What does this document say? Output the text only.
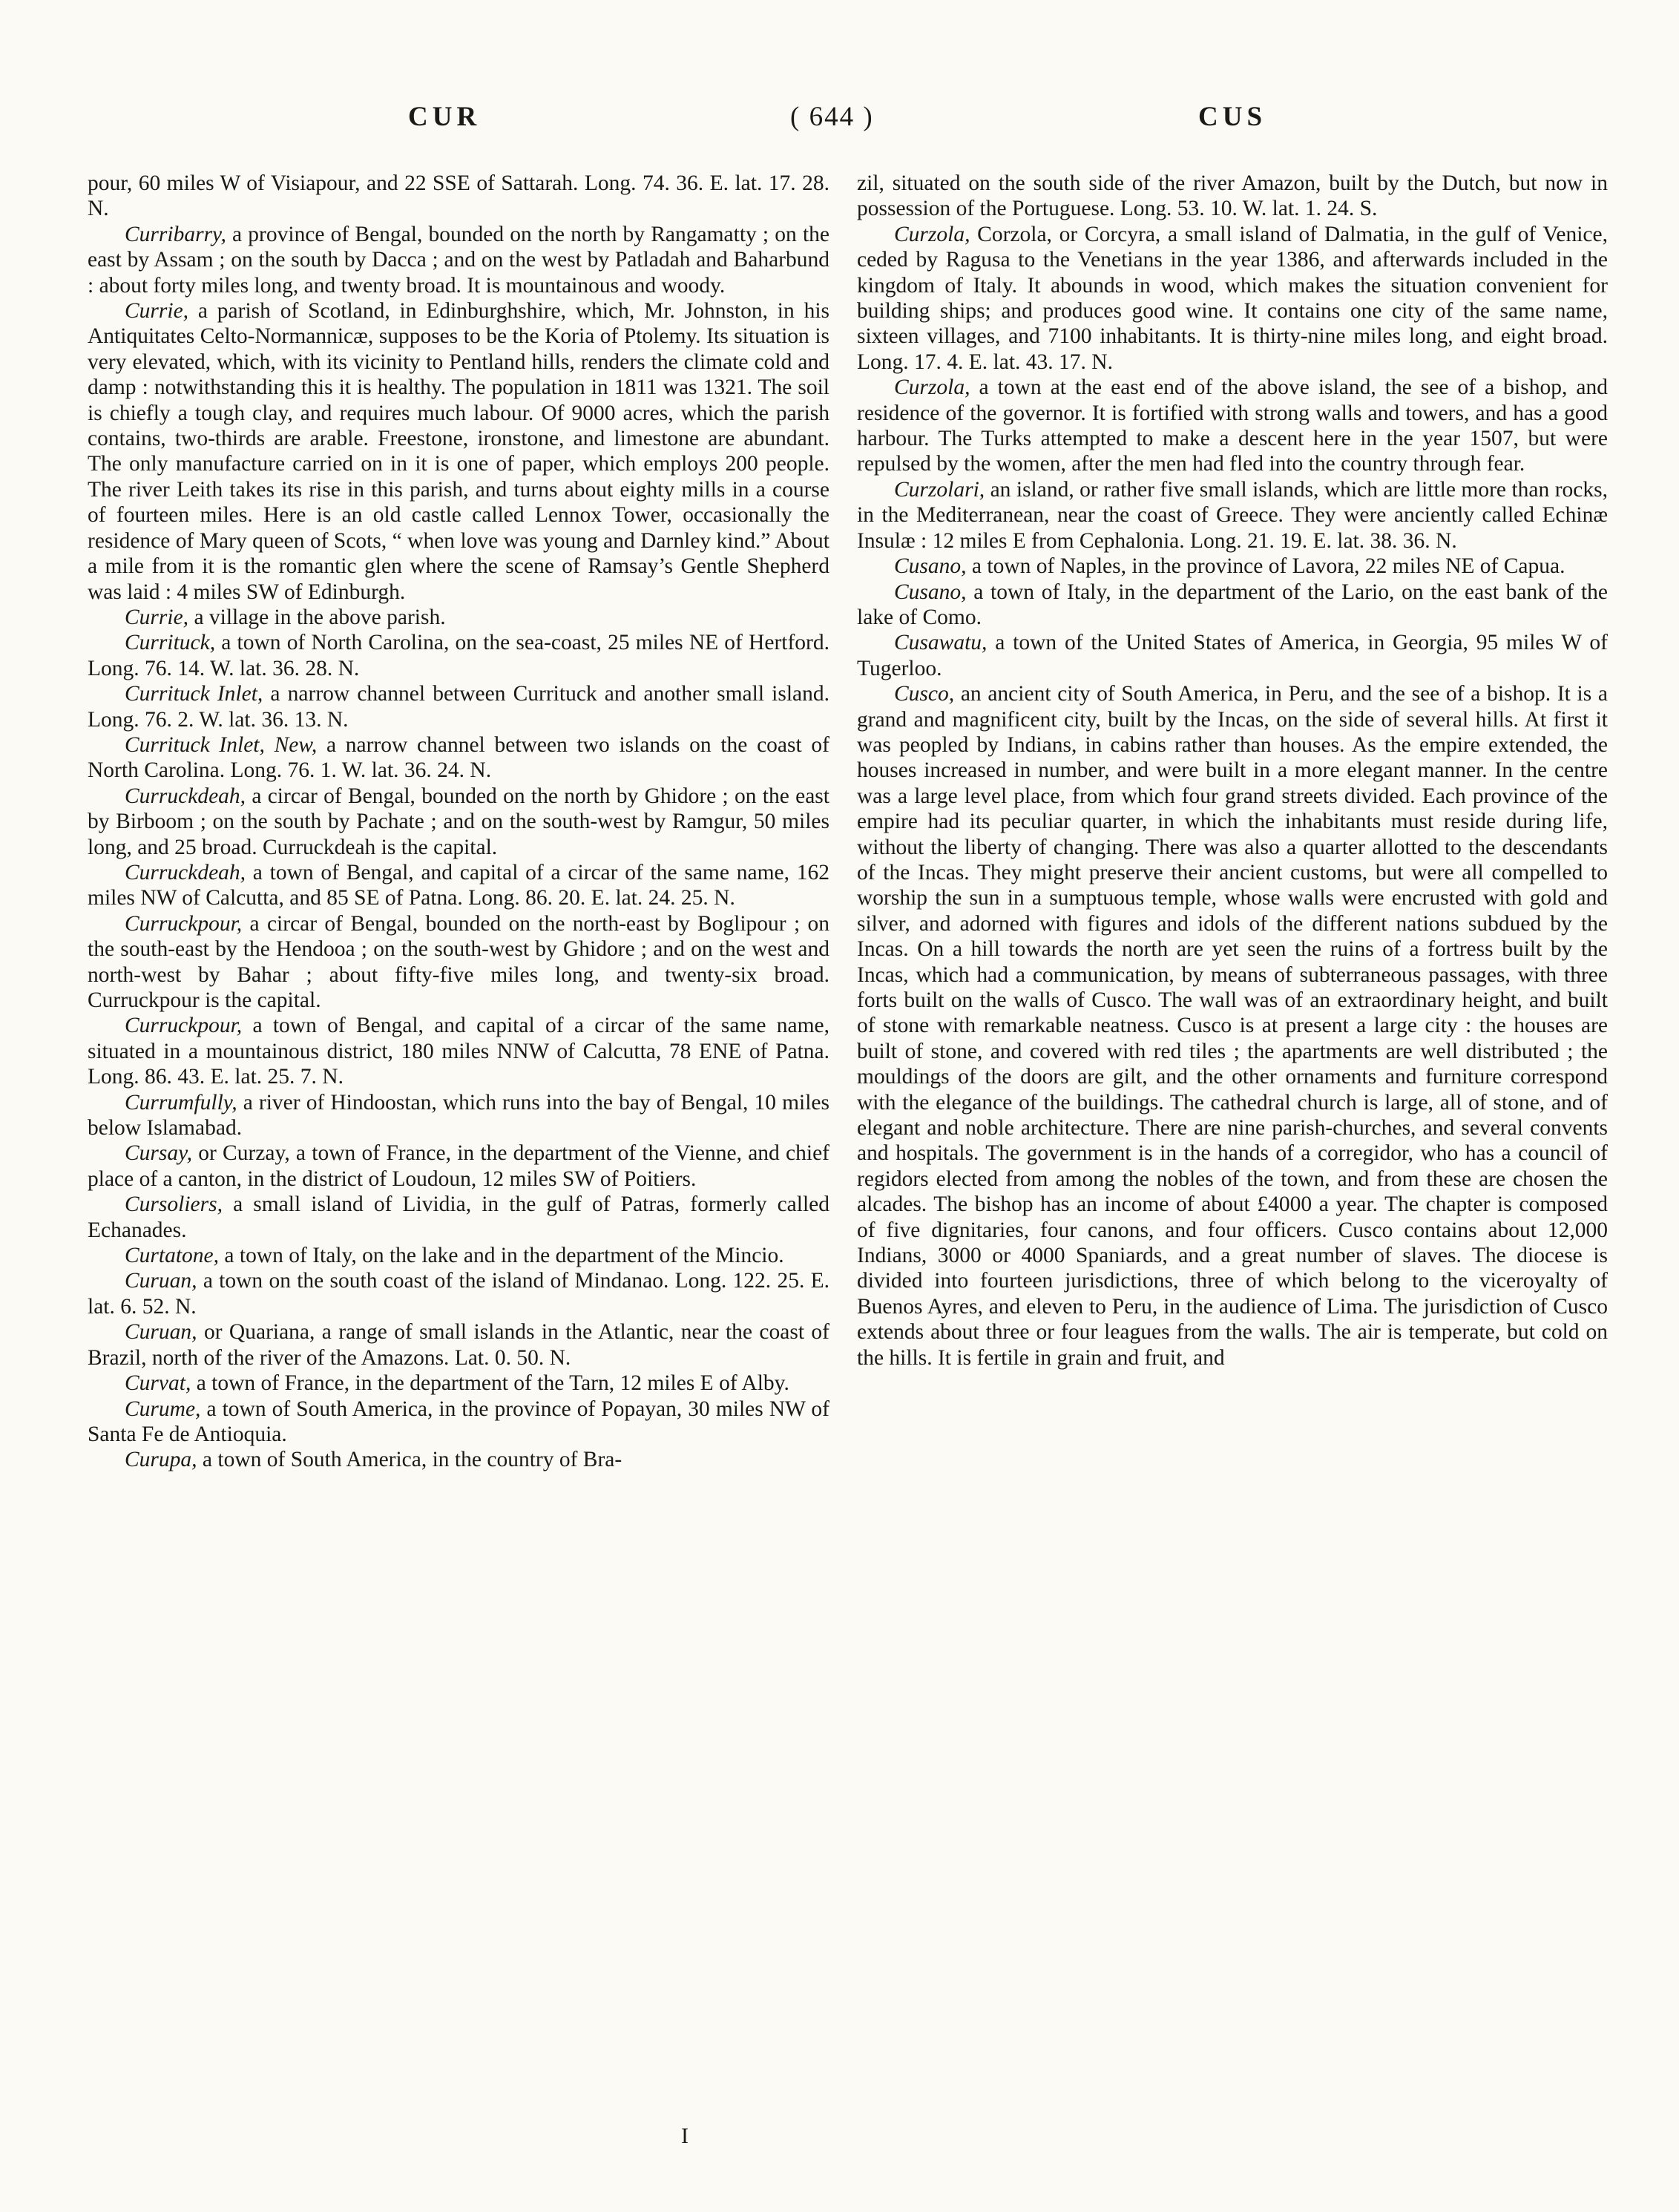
CUR	( 644 )	CUS

pour, 60 miles W of Visiapour, and 22 SSE of Sattarah. Long. 74. 36. E. lat. 17. 28. N.

Curribarry, a province of Bengal, bounded on the north by Rangamatty ; on the east by Assam ; on the south by Dacca ; and on the west by Patladah and Baharbund : about forty miles long, and twenty broad. It is mountainous and woody.

Currie, a parish of Scotland, in Edinburghshire, which, Mr. Johnston, in his Antiquitates Celto-Normannicæ, supposes to be the Koria of Ptolemy. Its situation is very elevated, which, with its vicinity to Pentland hills, renders the climate cold and damp : notwithstanding this it is healthy. The population in 1811 was 1321. The soil is chiefly a tough clay, and requires much labour. Of 9000 acres, which the parish contains, two-thirds are arable. Freestone, ironstone, and limestone are abundant. The only manufacture carried on in it is one of paper, which employs 200 people. The river Leith takes its rise in this parish, and turns about eighty mills in a course of fourteen miles. Here is an old castle called Lennox Tower, occasionally the residence of Mary queen of Scots, “ when love was young and Darnley kind.” About a mile from it is the romantic glen where the scene of Ramsay’s Gentle Shepherd was laid : 4 miles SW of Edinburgh.

Currie, a village in the above parish.

Currituck, a town of North Carolina, on the sea-coast, 25 miles NE of Hertford. Long. 76. 14. W. lat. 36. 28. N.

Currituck Inlet, a narrow channel between Currituck and another small island. Long. 76. 2. W. lat. 36. 13. N.

Currituck Inlet, New, a narrow channel between two islands on the coast of North Carolina. Long. 76. 1. W. lat. 36. 24. N.

Curruckdeah, a circar of Bengal, bounded on the north by Ghidore ; on the east by Birboom ; on the south by Pachate ; and on the south-west by Ramgur, 50 miles long, and 25 broad. Curruckdeah is the capital.

Curruckdeah, a town of Bengal, and capital of a circar of the same name, 162 miles NW of Calcutta, and 85 SE of Patna. Long. 86. 20. E. lat. 24. 25. N.

Curruckpour, a circar of Bengal, bounded on the north-east by Boglipour ; on the south-east by the Hendooa ; on the south-west by Ghidore ; and on the west and north-west by Bahar ; about fifty-five miles long, and twenty-six broad. Curruckpour is the capital.

Curruckpour, a town of Bengal, and capital of a circar of the same name, situated in a mountainous district, 180 miles NNW of Calcutta, 78 ENE of Patna. Long. 86. 43. E. lat. 25. 7. N.

Currumfully, a river of Hindoostan, which runs into the bay of Bengal, 10 miles below Islamabad.

Cursay, or Curzay, a town of France, in the department of the Vienne, and chief place of a canton, in the district of Loudoun, 12 miles SW of Poitiers.

Cursoliers, a small island of Lividia, in the gulf of Patras, formerly called Echanades.

Curtatone, a town of Italy, on the lake and in the department of the Mincio.

Curuan, a town on the south coast of the island of Mindanao. Long. 122. 25. E. lat. 6. 52. N.

Curuan, or Quariana, a range of small islands in the Atlantic, near the coast of Brazil, north of the river of the Amazons. Lat. 0. 50. N.

Curvat, a town of France, in the department of the Tarn, 12 miles E of Alby.

Curume, a town of South America, in the province of Popayan, 30 miles NW of Santa Fe de Antioquia.

Curupa, a town of South America, in the country of Bra-

zil, situated on the south side of the river Amazon, built by the Dutch, but now in possession of the Portuguese. Long. 53. 10. W. lat. 1. 24. S.

Curzola, Corzola, or Corcyra, a small island of Dalmatia, in the gulf of Venice, ceded by Ragusa to the Venetians in the year 1386, and afterwards included in the kingdom of Italy. It abounds in wood, which makes the situation convenient for building ships; and produces good wine. It contains one city of the same name, sixteen villages, and 7100 inhabitants. It is thirty-nine miles long, and eight broad. Long. 17. 4. E. lat. 43. 17. N.

Curzola, a town at the east end of the above island, the see of a bishop, and residence of the governor. It is fortified with strong walls and towers, and has a good harbour. The Turks attempted to make a descent here in the year 1507, but were repulsed by the women, after the men had fled into the country through fear.

Curzolari, an island, or rather five small islands, which are little more than rocks, in the Mediterranean, near the coast of Greece. They were anciently called Echinæ Insulæ : 12 miles E from Cephalonia. Long. 21. 19. E. lat. 38. 36. N.

Cusano, a town of Naples, in the province of Lavora, 22 miles NE of Capua.

Cusano, a town of Italy, in the department of the Lario, on the east bank of the lake of Como.

Cusawatu, a town of the United States of America, in Georgia, 95 miles W of Tugerloo.

Cusco, an ancient city of South America, in Peru, and the see of a bishop. It is a grand and magnificent city, built by the Incas, on the side of several hills. At first it was peopled by Indians, in cabins rather than houses. As the empire extended, the houses increased in number, and were built in a more elegant manner. In the centre was a large level place, from which four grand streets divided. Each province of the empire had its peculiar quarter, in which the inhabitants must reside during life, without the liberty of changing. There was also a quarter allotted to the descendants of the Incas. They might preserve their ancient customs, but were all compelled to worship the sun in a sumptuous temple, whose walls were encrusted with gold and silver, and adorned with figures and idols of the different nations subdued by the Incas. On a hill towards the north are yet seen the ruins of a fortress built by the Incas, which had a communication, by means of subterraneous passages, with three forts built on the walls of Cusco. The wall was of an extraordinary height, and built of stone with remarkable neatness. Cusco is at present a large city : the houses are built of stone, and covered with red tiles ; the apartments are well distributed ; the mouldings of the doors are gilt, and the other ornaments and furniture correspond with the elegance of the buildings. The cathedral church is large, all of stone, and of elegant and noble architecture. There are nine parish-churches, and several convents and hospitals. The government is in the hands of a corregidor, who has a council of regidors elected from among the nobles of the town, and from these are chosen the alcades. The bishop has an income of about £4000 a year. The chapter is composed of five dignitaries, four canons, and four officers. Cusco contains about 12,000 Indians, 3000 or 4000 Spaniards, and a great number of slaves. The diocese is divided into fourteen jurisdictions, three of which belong to the viceroyalty of Buenos Ayres, and eleven to Peru, in the audience of Lima. The jurisdiction of Cusco extends about three or four leagues from the walls. The air is temperate, but cold on the hills. It is fertile in grain and fruit, and

I
